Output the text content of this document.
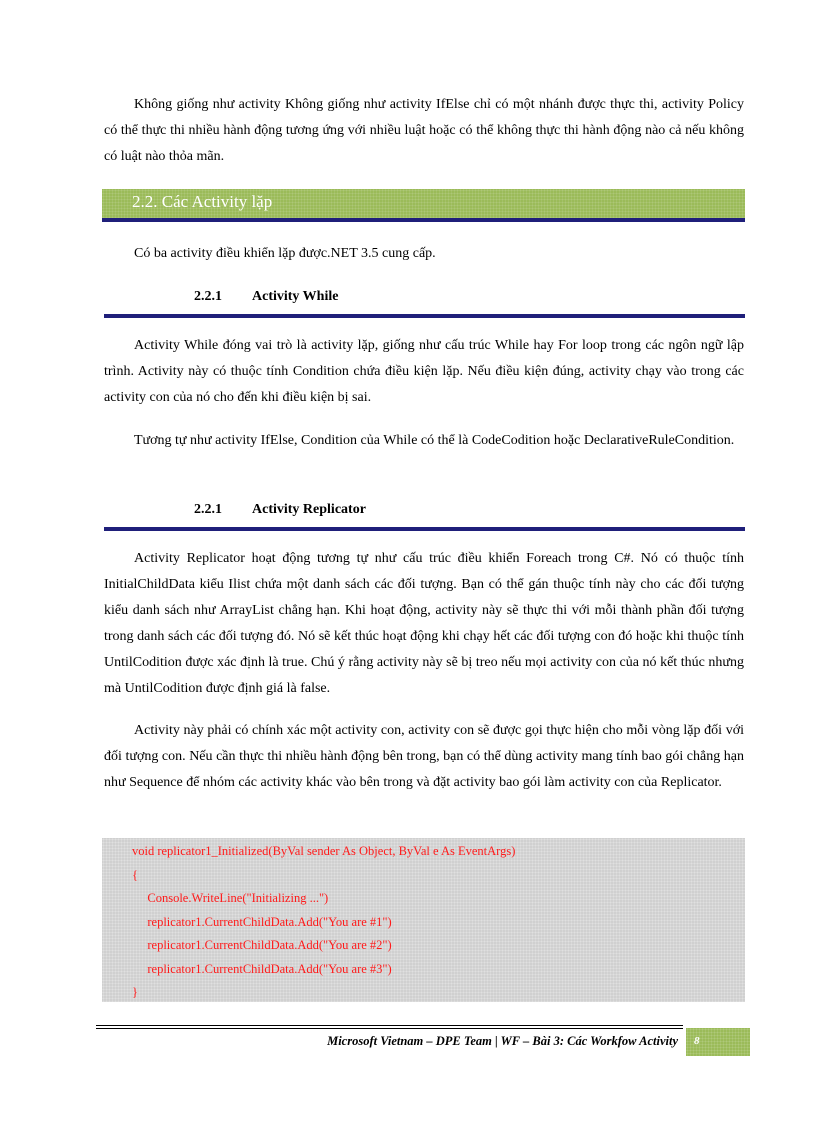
Không giống như activity Không giống như activity IfElse chỉ có một nhánh được thực thi, activity Policy có thể thực thi nhiều hành động tương ứng với nhiều luật hoặc có thể không thực thi hành động nào cả nếu không có luật nào thỏa mãn.

2.2. Các Activity lặp

Có ba activity điều khiển lặp được.NET 3.5 cung cấp.

2.2.1 Activity While

Activity While đóng vai trò là activity lặp, giống như cấu trúc While hay For loop trong các ngôn ngữ lập trình. Activity này có thuộc tính Condition chứa điều kiện lặp. Nếu điều kiện đúng, activity chạy vào trong các activity con của nó cho đến khi điều kiện bị sai.

Tương tự như activity IfElse, Condition của While có thể là CodeCodition hoặc DeclarativeRuleCondition.

2.2.1 Activity Replicator

Activity Replicator hoạt động tương tự như cấu trúc điều khiển Foreach trong C#. Nó có thuộc tính InitialChildData kiểu Ilist chứa một danh sách các đối tượng. Bạn có thể gán thuộc tính này cho các đối tượng kiểu danh sách như ArrayList chẳng hạn. Khi hoạt động, activity này sẽ thực thi với mỗi thành phần đối tượng trong danh sách các đối tượng đó. Nó sẽ kết thúc hoạt động khi chạy hết các đối tượng con đó hoặc khi thuộc tính UntilCodition được xác định là true. Chú ý rằng activity này sẽ bị treo nếu mọi activity con của nó kết thúc nhưng mà UntilCodition được định giá là false.

Activity này phải có chính xác một activity con, activity con sẽ được gọi thực hiện cho mỗi vòng lặp đối với đối tượng con. Nếu cần thực thi nhiều hành động bên trong, bạn có thể dùng activity mang tính bao gói chẳng hạn như Sequence để nhóm các activity khác vào bên trong và đặt activity bao gói làm activity con của Replicator.

void replicator1_Initialized(ByVal sender As Object, ByVal e As EventArgs)
{
Console.WriteLine("Initializing ...")
replicator1.CurrentChildData.Add("You are #1")
replicator1.CurrentChildData.Add("You are #2")
replicator1.CurrentChildData.Add("You are #3")
}
Microsoft Vietnam – DPE Team | WF – Bài 3: Các Workfow Activity 8
